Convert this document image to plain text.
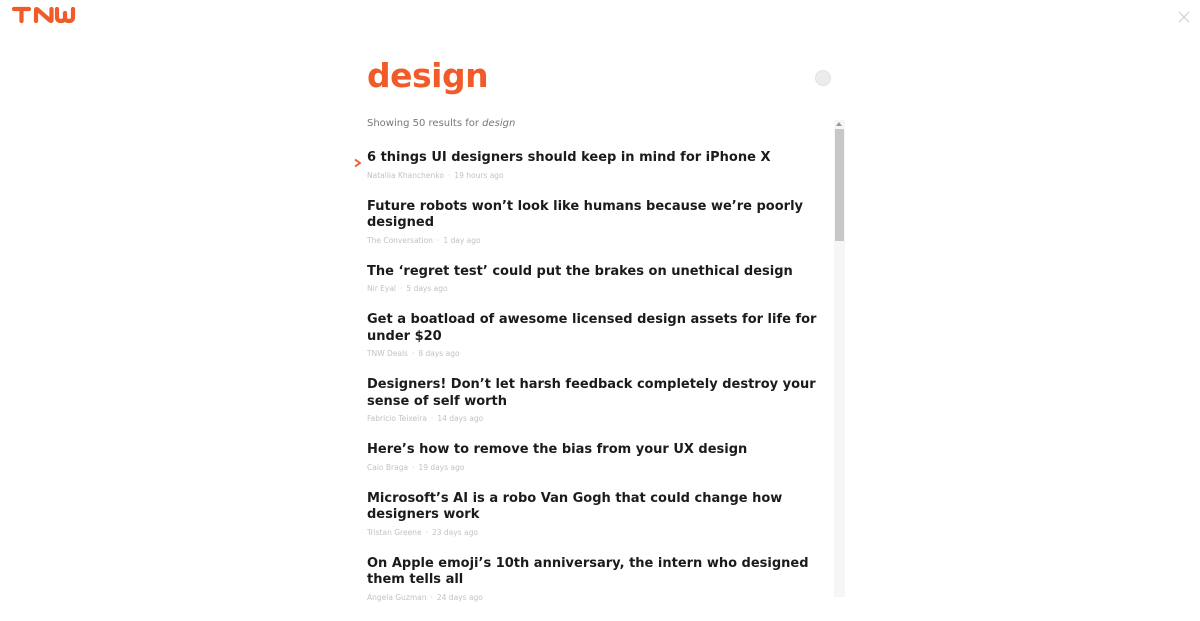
design
Showing 50 results for design
6 things UI designers should keep in mind for iPhone X
Nataliia Khanchenko · 19 hours ago
Future robots won’t look like humans because we’re poorly designed
The Conversation · 1 day ago
The ‘regret test’ could put the brakes on unethical design
Nir Eyal · 5 days ago
Get a boatload of awesome licensed design assets for life for under $20
TNW Deals · 8 days ago
Designers! Don’t let harsh feedback completely destroy your sense of self worth
Fabricio Teixeira · 14 days ago
Here’s how to remove the bias from your UX design
Caio Braga · 19 days ago
Microsoft’s AI is a robo Van Gogh that could change how designers work
Tristan Greene · 23 days ago
On Apple emoji’s 10th anniversary, the intern who designed them tells all
Angela Guzman · 24 days ago
